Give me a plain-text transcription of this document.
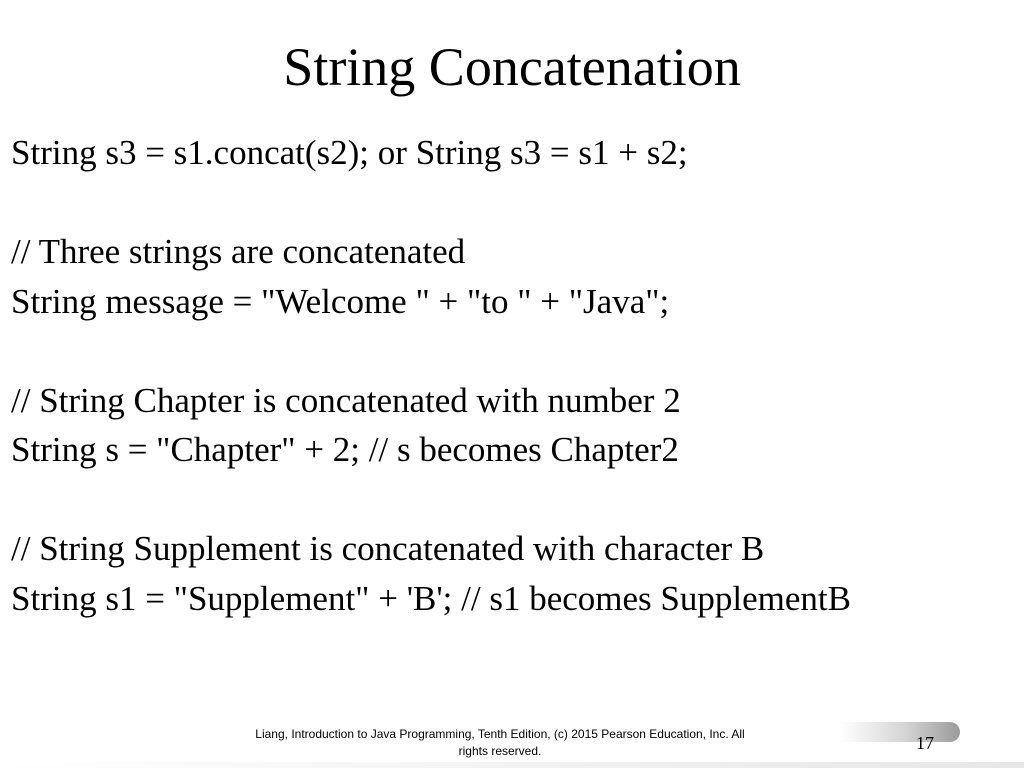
String Concatenation
String s3 = s1.concat(s2); or String s3 = s1 + s2;
// Three strings are concatenated
String message = "Welcome " + "to " + "Java";
// String Chapter is concatenated with number 2
String s = "Chapter" + 2; // s becomes Chapter2
// String Supplement is concatenated with character B
String s1 = "Supplement" + 'B'; // s1 becomes SupplementB
Liang, Introduction to Java Programming, Tenth Edition, (c) 2015 Pearson Education, Inc. All
rights reserved.	17
